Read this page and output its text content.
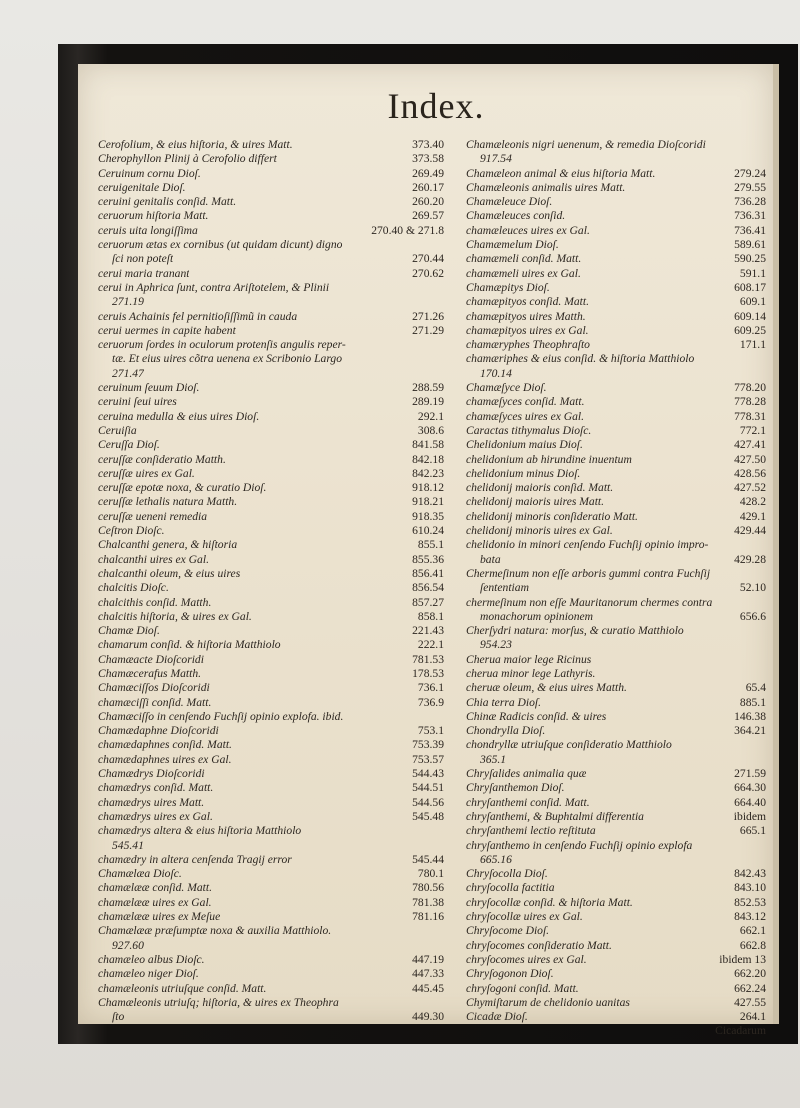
Index.
Cerofolium, & eius hiſtoria, & uires Matt.	373.40
Cherophyllon Plinij à Cerofolio differt	373.58
Ceruinum cornu Dioſ.	269.49
ceruigenitale Dioſ.	260.17
ceruini genitalis conſid. Matt.	260.20
ceruorum hiſtoria Matt.	269.57
ceruis uita longiſſima	270.40 & 271.8
ceruorum ætas ex cornibus (ut quidam dicunt) digno
ſci non poteſt	270.44
cerui maria tranant	270.62
cerui in Aphrica ſunt, contra Ariſtotelem, & Plinii
271.19
ceruis Achainis fel pernitioſiſſimũ in cauda	271.26
cerui uermes in capite habent	271.29
ceruorum ſordes in oculorum protenſis angulis reper-
tæ. Et eius uires cõtra uenena ex Scribonio Largo
271.47
ceruinum ſeuum Dioſ.	288.59
ceruini ſeui uires	289.19
ceruina medulla & eius uires Dioſ.	292.1
Ceruiſia	308.6
Ceruſſa Dioſ.	841.58
ceruſſæ conſideratio Matth.	842.18
ceruſſæ uires ex Gal.	842.23
ceruſſæ epotæ noxa, & curatio Dioſ.	918.12
ceruſſæ lethalis natura Matth.	918.21
ceruſſæ ueneni remedia	918.35
Ceſtron Dioſc.	610.24
Chalcanthi genera, & hiſtoria	855.1
chalcanthi uires ex Gal.	855.36
chalcanthi oleum, & eius uires	856.41
chalcitis Dioſc.	856.54
chalcithis conſid. Matth.	857.27
chalcitis hiſtoria, & uires ex Gal.	858.1
Chamæ Dioſ.	221.43
chamarum conſid. & hiſtoria Matthiolo	222.1
Chamæacte Dioſcoridi	781.53
Chamæcerafus Matth.	178.53
Chamæciſſos Dioſcoridi	736.1
chamæciſſi conſid. Matt.	736.9
Chamæciſſo in cenſendo Fuchſij opinio explofa. ibid.
Chamædaphne Dioſcoridi	753.1
chamædaphnes conſid. Matt.	753.39
chamædaphnes uires ex Gal.	753.57
Chamædrys Dioſcoridi	544.43
chamædrys conſid. Matt.	544.51
chamædrys uires Matt.	544.56
chamædrys uires ex Gal.	545.48
chamædrys altera & eius hiſtoria Matthiolo
545.41
chamædry in altera cenſenda Tragij error	545.44
Chamælæa Dioſc.	780.1
chamælææ conſid. Matt.	780.56
chamælææ uires ex Gal.	781.38
chamælææ uires ex Meſue	781.16
Chamælææ præſumptæ noxa & auxilia Matthiolo.
927.60
chamæleo albus Dioſc.	447.19
chamæleo niger Dioſ.	447.33
chamæleonis utriuſque conſid. Matt.	445.45
Chamæleonis utriuſq; hiſtoria, & uires ex Theophra
ſto	449.30
Chamæleonis nigri uenenum, & remedia Dioſcoridi
917.54
Chamæleon animal & eius hiſtoria Matt.	279.24
Chamæleonis animalis uires Matt.	279.55
Chamæleuce Dioſ.	736.28
Chamæleuces conſid.	736.31
chamæleuces uires ex Gal.	736.41
Chamæmelum Dioſ.	589.61
chamæmeli conſid. Matt.	590.25
chamæmeli uires ex Gal.	591.1
Chamæpitys Dioſ.	608.17
chamæpityos conſid. Matt.	609.1
chamæpityos uires Matth.	609.14
chamæpityos uires ex Gal.	609.25
chamæryphes Theophraſto	171.1
chamæriphes & eius conſid. & hiſtoria Matthiolo
170.14
Chamæſyce Dioſ.	778.20
chamæſyces conſid. Matt.	778.28
chamæſyces uires ex Gal.	778.31
Caractas tithymalus Dioſc.	772.1
Chelidonium maius Dioſ.	427.41
chelidonium ab hirundine inuentum	427.50
chelidonium minus Dioſ.	428.56
chelidonij maioris conſid. Matt.	427.52
chelidonij maioris uires Matt.	428.2
chelidonij minoris conſideratio Matt.	429.1
chelidonij minoris uires ex Gal.	429.44
chelidonio in minori cenſendo Fuchſij opinio impro-
bata	429.28
Chermeſinum non eſſe arboris gummi contra Fuchſij
ſententiam	52.10
chermeſinum non eſſe Mauritanorum chermes contra
monachorum opinionem	656.6
Cherſydri natura: morſus, & curatio Matthiolo
954.23
Cherua maior lege Ricinus
cherua minor lege Lathyris.
cheruæ oleum, & eius uires Matth.	65.4
Chia terra Dioſ.	885.1
Chinæ Radicis conſid. & uires	146.38
Chondrylla Dioſ.	364.21
chondryllæ utriuſque conſideratio Matthiolo
365.1
Chryſalides animalia quæ	271.59
Chryſanthemon Dioſ.	664.30
chryſanthemi conſid. Matt.	664.40
chryſanthemi, & Buphtalmi differentia	ibidem
chryſanthemi lectio reſtituta	665.1
chryſanthemo in cenſendo Fuchſij opinio explofa
665.16
Chryſocolla Dioſ.	842.43
chryſocolla factitia	843.10
chryſocollæ conſid. & hiſtoria Matt.	852.53
chryſocollæ uires ex Gal.	843.12
Chryſocome Dioſ.	662.1
chryſocomes conſideratio Matt.	662.8
chryſocomes uires ex Gal.	ibidem 13
Chryſogonon Dioſ.	662.20
chryſogoni conſid. Matt.	662.24
Chymiſtarum de chelidonio uanitas	427.55
Cicadæ Dioſ.	264.1
Cicadarum
